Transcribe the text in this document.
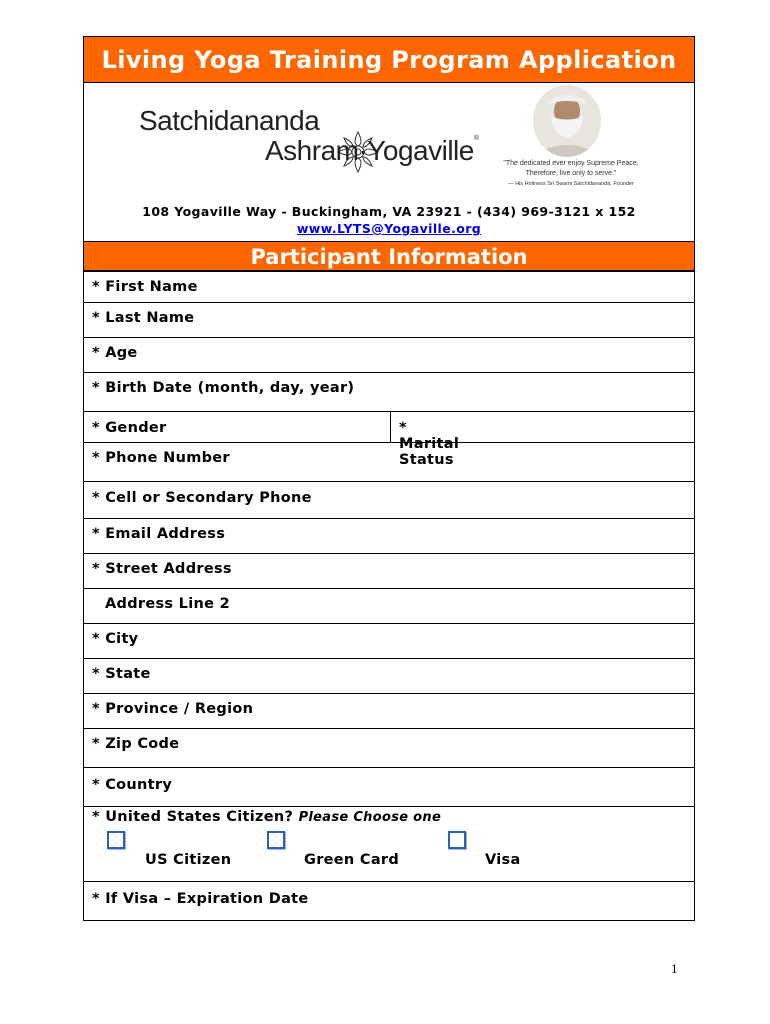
Living Yoga Training Program Application
Satchidananda
Ashram·Yogaville®
108 Yogaville Way - Buckingham, VA 23921 - (434) 969-3121 x 152
www.LYTS@Yogaville.org
Participant Information
* First Name
* Last Name
* Age
* Birth Date (month, day, year)
* Gender	* Marital Status
* Phone Number
* Cell or Secondary Phone
* Email Address
* Street Address
Address Line 2
* City
* State
* Province / Region
* Zip Code
* Country
* United States Citizen? Please Choose one
US Citizen	Green Card	Visa
* If Visa – Expiration Date
"The dedicated ever enjoy Supreme Peace.
Therefore, live only to serve."
— His Holiness Sri Swami Satchidananda, Founder
1
